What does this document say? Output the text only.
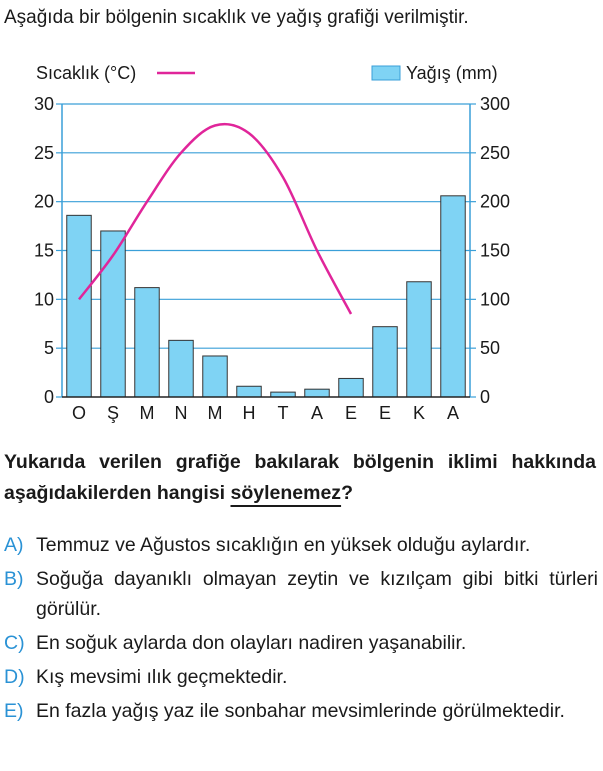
Aşağıda bir bölgenin sıcaklık ve yağış grafiği verilmiştir.
0
5
10
15
20
25
30
0
50
100
150
200
250
300
O Ş M N M H T A E E K A
Sıcaklık (°C)	Yağış (mm)
Yukarıda verilen grafiğe bakılarak bölgenin iklimi hakkında aşağıdakilerden hangisi söylenemez?
A) Temmuz ve Ağustos sıcaklığın en yüksek olduğu aylardır.
B) Soğuğa dayanıklı olmayan zeytin ve kızılçam gibi bitki türleri görülür.
C) En soğuk aylarda don olayları nadiren yaşanabilir.
D) Kış mevsimi ılık geçmektedir.
E) En fazla yağış yaz ile sonbahar mevsimlerinde görülmektedir.
